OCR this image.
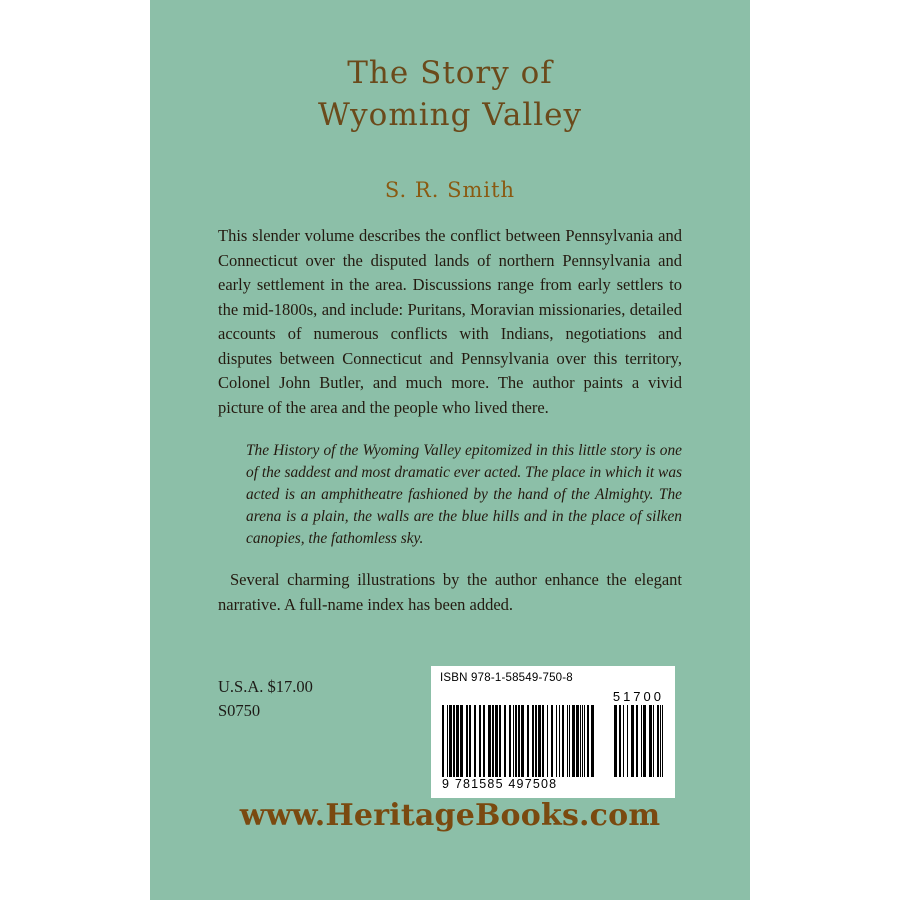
The Story of
Wyoming Valley
S. R. Smith
This slender volume describes the conflict between Pennsylvania and Connecticut over the disputed lands of northern Pennsylvania and early settlement in the area. Discussions range from early settlers to the mid-1800s, and include: Puritans, Moravian missionaries, detailed accounts of numerous conflicts with Indians, negotiations and disputes between Connecticut and Pennsylvania over this territory, Colonel John Butler, and much more. The author paints a vivid picture of the area and the people who lived there.
The History of the Wyoming Valley epitomized in this little story is one of the saddest and most dramatic ever acted. The place in which it was acted is an amphitheatre fashioned by the hand of the Almighty. The arena is a plain, the walls are the blue hills and in the place of silken canopies, the fathomless sky.
Several charming illustrations by the author enhance the elegant narrative. A full-name index has been added.
U.S.A. $17.00
S0750
ISBN 978-1-58549-750-8
51700
9 781585 497508
www.HeritageBooks.com
